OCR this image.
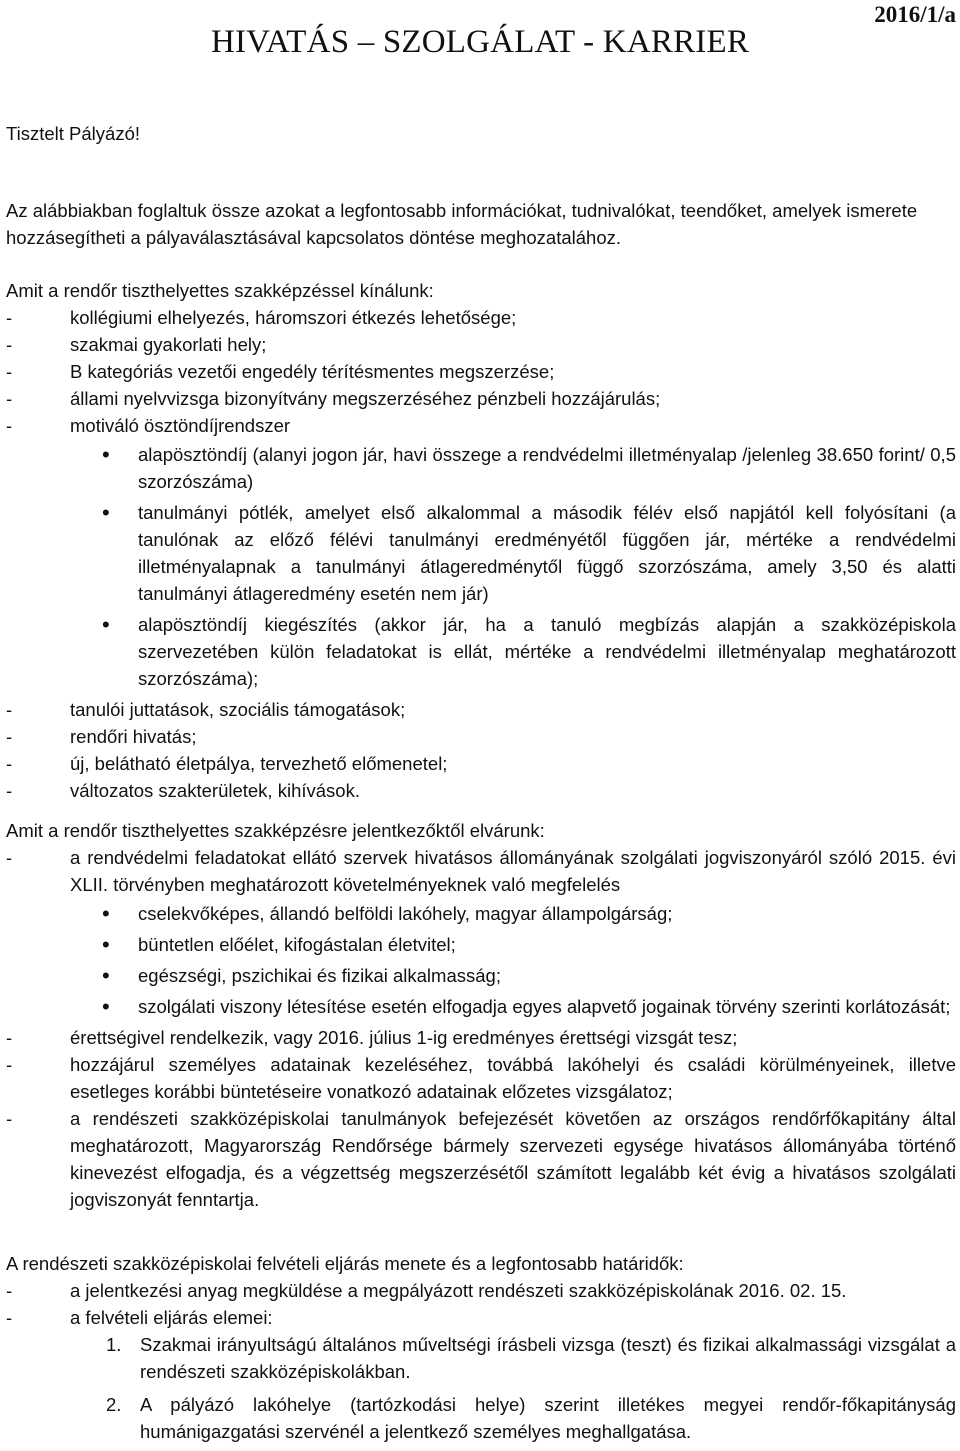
2016/1/a
HIVATÁS – SZOLGÁLAT - KARRIER
Tisztelt Pályázó!

Az alábbiakban foglaltuk össze azokat a legfontosabb információkat, tudnivalókat, teendőket, amelyek ismerete hozzásegítheti a pályaválasztásával kapcsolatos döntése meghozatalához.

Amit a rendőr tiszthelyettes szakképzéssel kínálunk:
- kollégiumi elhelyezés, háromszori étkezés lehetősége;
- szakmai gyakorlati hely;
- B kategóriás vezetői engedély térítésmentes megszerzése;
- állami nyelvvizsga bizonyítvány megszerzéséhez pénzbeli hozzájárulás;
- motiváló ösztöndíjrendszer
• alapösztöndíj (alanyi jogon jár, havi összege a rendvédelmi illetményalap /jelenleg 38.650 forint/ 0,5 szorzószáma)
• tanulmányi pótlék, amelyet első alkalommal a második félév első napjától kell folyósítani (a tanulónak az előző félévi tanulmányi eredményétől függően jár, mértéke a rendvédelmi illetményalapnak a tanulmányi átlageredménytől függő szorzószáma, amely 3,50 és alatti tanulmányi átlageredmény esetén nem jár)
• alapösztöndíj kiegészítés (akkor jár, ha a tanuló megbízás alapján a szakközépiskola szervezetében külön feladatokat is ellát, mértéke a rendvédelmi illetményalap meghatározott szorzószáma);
- tanulói juttatások, szociális támogatások;
- rendőri hivatás;
- új, belátható életpálya, tervezhető előmenetel;
- változatos szakterületek, kihívások.
Amit a rendőr tiszthelyettes szakképzésre jelentkezőktől elvárunk:
- a rendvédelmi feladatokat ellátó szervek hivatásos állományának szolgálati jogviszonyáról szóló 2015. évi XLII. törvényben meghatározott követelményeknek való megfelelés
• cselekvőképes, állandó belföldi lakóhely, magyar állampolgárság;
• büntetlen előélet, kifogástalan életvitel;
• egészségi, pszichikai és fizikai alkalmasság;
• szolgálati viszony létesítése esetén elfogadja egyes alapvető jogainak törvény szerinti korlátozását;
- érettségivel rendelkezik, vagy 2016. július 1-ig eredményes érettségi vizsgát tesz;
- hozzájárul személyes adatainak kezeléséhez, továbbá lakóhelyi és családi körülményeinek, illetve esetleges korábbi büntetéseire vonatkozó adatainak előzetes vizsgálatoz;
- a rendészeti szakközépiskolai tanulmányok befejezését követően az országos rendőrfőkapitány által meghatározott, Magyarország Rendőrsége bármely szervezeti egysége hivatásos állományába történő kinevezést elfogadja, és a végzettség megszerzésétől számított legalább két évig a hivatásos szolgálati jogviszonyát fenntartja.
A rendészeti szakközépiskolai felvételi eljárás menete és a legfontosabb határidők:
- a jelentkezési anyag megküldése a megpályázott rendészeti szakközépiskolának 2016. 02. 15.
- a felvételi eljárás elemei:
1. Szakmai irányultságú általános műveltségi írásbeli vizsga (teszt) és fizikai alkalmassági vizsgálat a rendészeti szakközépiskolákban.
2. A pályázó lakóhelye (tartózkodási helye) szerint illetékes megyei rendőr-főkapitányság humánigazgatási szervénél a jelentkező személyes meghallgatása.
